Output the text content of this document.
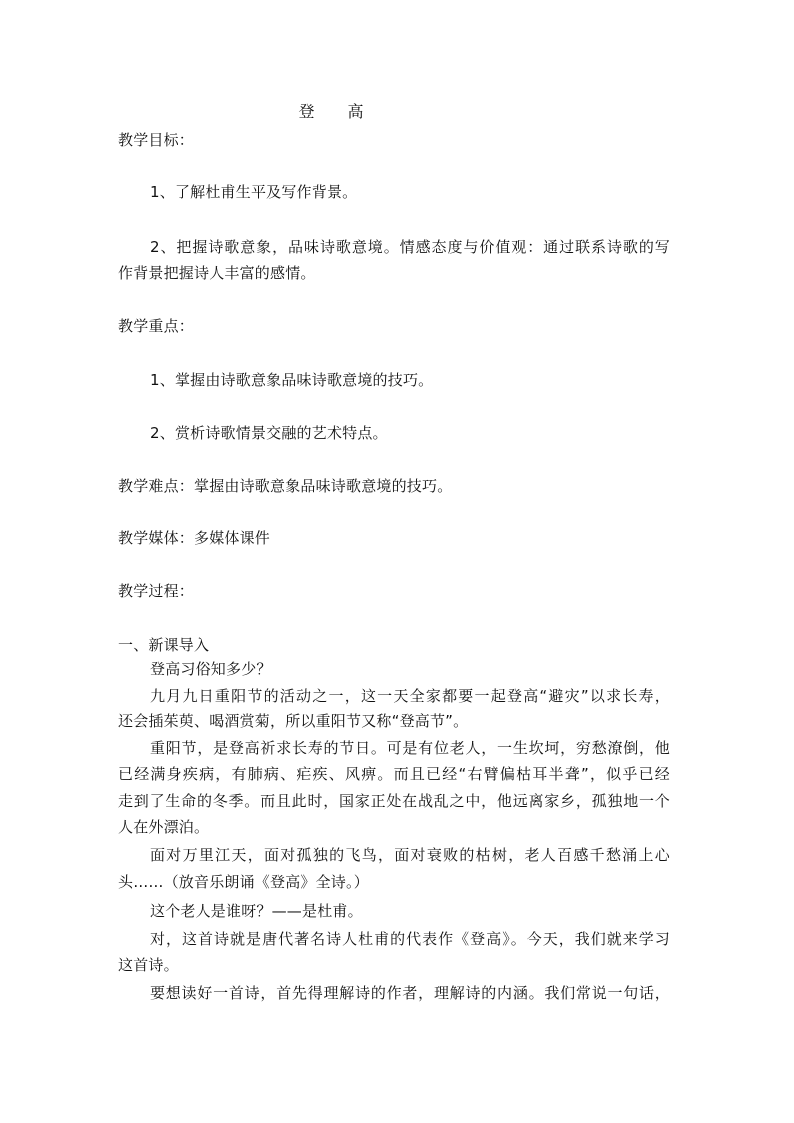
登 高
教学目标：
1、了解杜甫生平及写作背景。
2、把握诗歌意象，品味诗歌意境。情感态度与价值观：通过联系诗歌的写
作背景把握诗人丰富的感情。
教学重点：
1、掌握由诗歌意象品味诗歌意境的技巧。
2、赏析诗歌情景交融的艺术特点。
教学难点：掌握由诗歌意象品味诗歌意境的技巧。
教学媒体：多媒体课件
教学过程：
一、新课导入
登高习俗知多少？
九月九日重阳节的活动之一，这一天全家都要一起登高“避灾”以求长寿，
还会插茱萸、喝酒赏菊，所以重阳节又称“登高节”。
重阳节，是登高祈求长寿的节日。可是有位老人，一生坎坷，穷愁潦倒，他
已经满身疾病，有肺病、疟疾、风痹。而且已经“右臂偏枯耳半聋”，似乎已经
走到了生命的冬季。而且此时，国家正处在战乱之中，他远离家乡，孤独地一个
人在外漂泊。
面对万里江天，面对孤独的飞鸟，面对衰败的枯树，老人百感千愁涌上心
头……（放音乐朗诵《登高》全诗。）
这个老人是谁呀？——是杜甫。
对，这首诗就是唐代著名诗人杜甫的代表作《登高》。今天，我们就来学习
这首诗。
要想读好一首诗，首先得理解诗的作者，理解诗的内涵。我们常说一句话，
